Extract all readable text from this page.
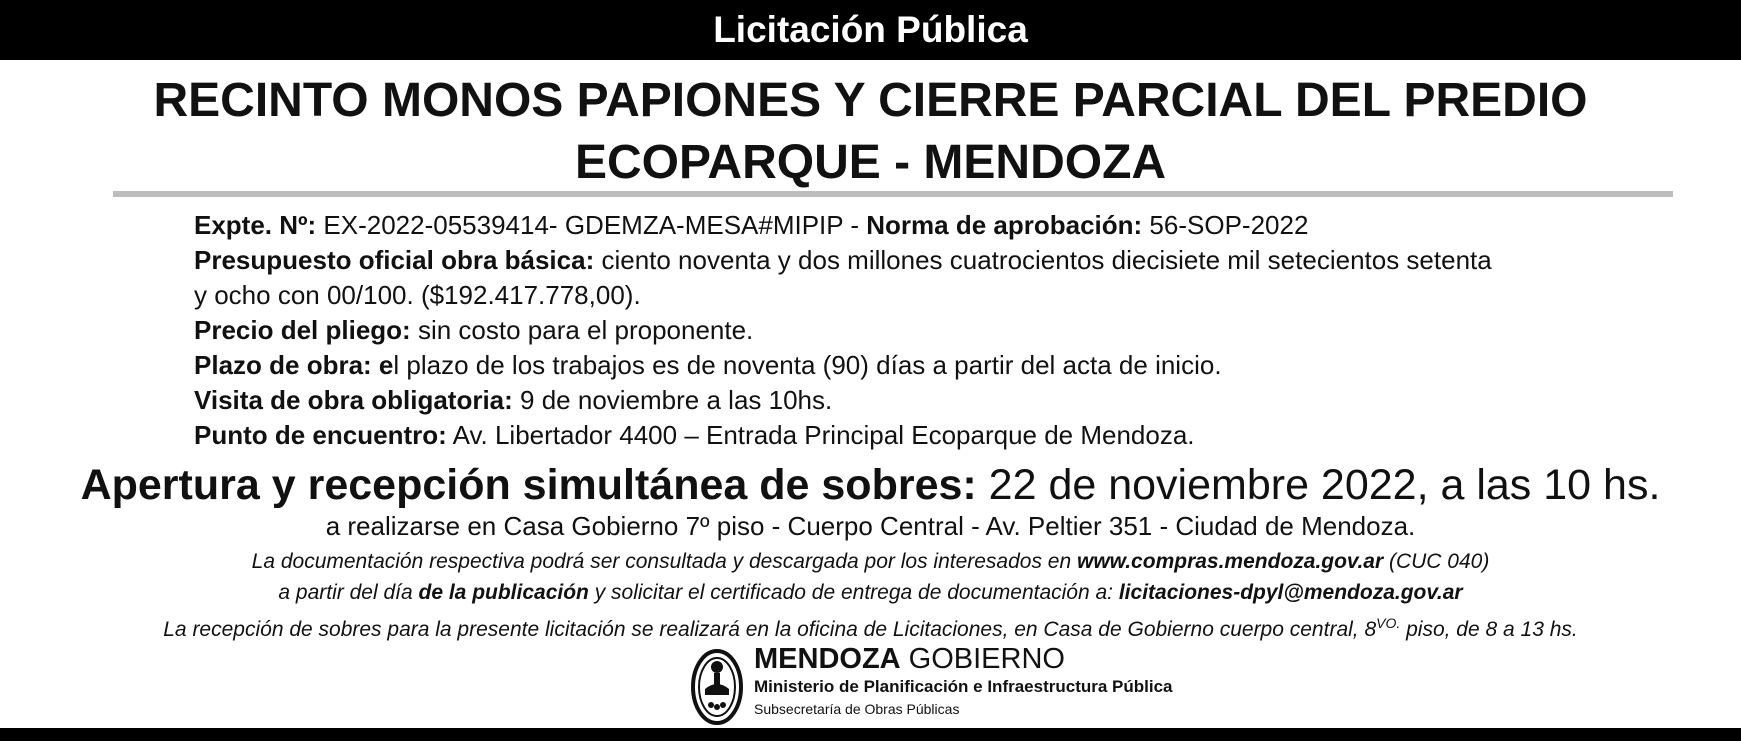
Licitación Pública
RECINTO MONOS PAPIONES Y CIERRE PARCIAL DEL PREDIO
ECOPARQUE - MENDOZA
Expte. Nº: EX-2022-05539414- GDEMZA-MESA#MIPIP - Norma de aprobación: 56-SOP-2022
Presupuesto oficial obra básica: ciento noventa y dos millones cuatrocientos diecisiete mil setecientos setenta
y ocho con 00/100. ($192.417.778,00).
Precio del pliego: sin costo para el proponente.
Plazo de obra: el plazo de los trabajos es de noventa (90) días a partir del acta de inicio.
Visita de obra obligatoria: 9 de noviembre a las 10hs.
Punto de encuentro: Av. Libertador 4400 – Entrada Principal Ecoparque de Mendoza.
Apertura y recepción simultánea de sobres: 22 de noviembre 2022, a las 10 hs.
a realizarse en Casa Gobierno 7º piso - Cuerpo Central - Av. Peltier 351 - Ciudad de Mendoza.
La documentación respectiva podrá ser consultada y descargada por los interesados en www.compras.mendoza.gov.ar (CUC 040)
a partir del día de la publicación y solicitar el certificado de entrega de documentación a: licitaciones-dpyl@mendoza.gov.ar
La recepción de sobres para la presente licitación se realizará en la oficina de Licitaciones, en Casa de Gobierno cuerpo central, $8^{VO.}$ piso, de 8 a 13 hs.
MENDOZA GOBIERNO
Ministerio de Planificación e Infraestructura Pública
Subsecretaría de Obras Públicas
